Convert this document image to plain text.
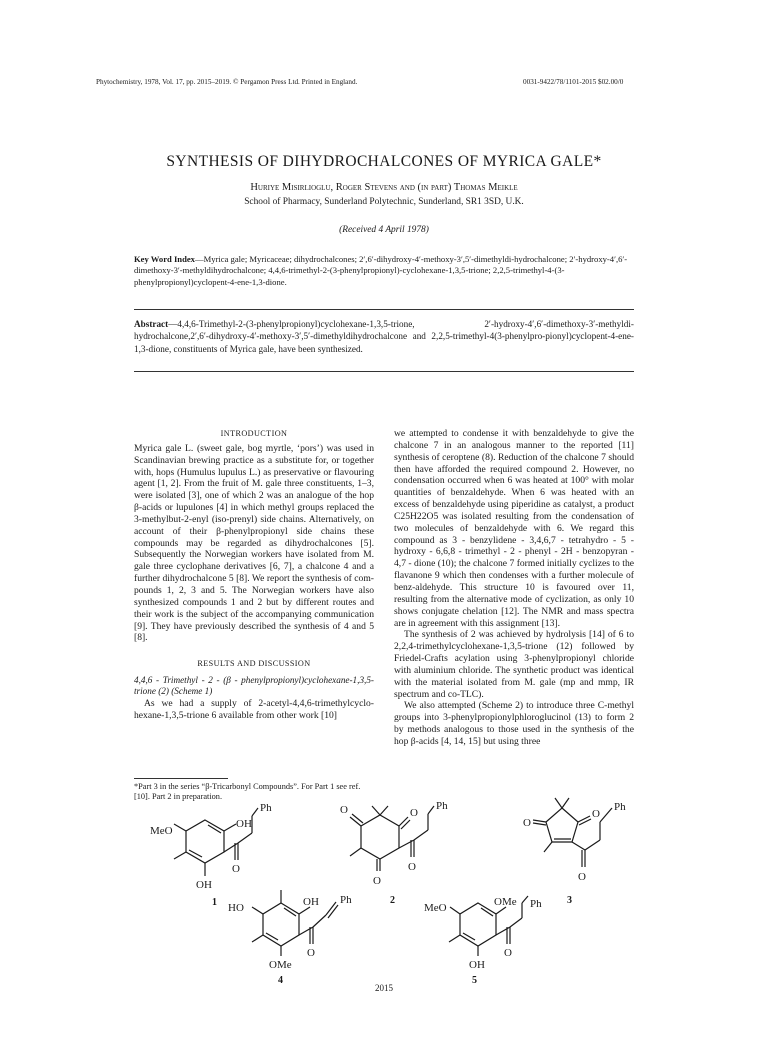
Phytochemistry, 1978, Vol. 17, pp. 2015–2019. © Pergamon Press Ltd. Printed in England.	0031-9422/78/1101-2015 $02.00/0
SYNTHESIS OF DIHYDROCHALCONES OF MYRICA GALE*
Huriye Misirlioglu, Roger Stevens and (in part) Thomas Meikle
School of Pharmacy, Sunderland Polytechnic, Sunderland, SR1 3SD, U.K.
(Received 4 April 1978)
Key Word Index—Myrica gale; Myricaceae; dihydrochalcones; 2′,6′-dihydroxy-4′-methoxy-3′,5′-dimethyldi-hydrochalcone; 2′-hydroxy-4′,6′-dimethoxy-3′-methyldihydrochalcone; 4,4,6-trimethyl-2-(3-phenylpropionyl)-cyclohexane-1,3,5-trione; 2,2,5-trimethyl-4-(3-phenylpropionyl)cyclopent-4-ene-1,3-dione.
Abstract—4,4,6-Trimethyl-2-(3-phenylpropionyl)cyclohexane-1,3,5-trione, 2′-hydroxy-4′,6′-dimethoxy-3′-methyldi-hydrochalcone,2′,6′-dihydroxy-4′-methoxy-3′,5′-dimethyldihydrochalcone and 2,2,5-trimethyl-4(3-phenylpro-pionyl)cyclopent-4-ene-1,3-dione, constituents of Myrica gale, have been synthesized.
INTRODUCTION

Myrica gale L. (sweet gale, bog myrtle, ‘pors’) was used in Scandinavian brewing practice as a substitute for, or together with, hops (Humulus lupulus L.) as preservative or flavouring agent [1, 2]. From the fruit of M. gale three constituents, 1–3, were isolated [3], one of which 2 was an analogue of the hop β-acids or lupulones [4] in which methyl groups replaced the 3-methylbut-2-enyl (iso-prenyl) side chains. Alternatively, on account of their β-phenylpropionyl side chains these compounds may be regarded as dihydrochalcones [5]. Subsequently the Norwegian workers have isolated from M. gale three cyclophane derivatives [6, 7], a chalcone 4 and a further dihydrochalcone 5 [8]. We report the synthesis of com-pounds 1, 2, 3 and 5. The Norwegian workers have also synthesized compounds 1 and 2 but by different routes and their work is the subject of the accompanying communication [9]. They have previously described the synthesis of 4 and 5 [8].

RESULTS AND DISCUSSION
4,4,6 - Trimethyl - 2 - (β - phenylpropionyl)cyclohexane-1,3,5-trione (2) (Scheme 1)

As we had a supply of 2-acetyl-4,4,6-trimethylcyclo-hexane-1,3,5-trione 6 available from other work [10]

*Part 3 in the series “β-Tricarbonyl Compounds”. For Part 1 see ref. [10]. Part 2 in preparation.

we attempted to condense it with benzaldehyde to give the chalcone 7 in an analogous manner to the reported [11] synthesis of ceroptene (8). Reduction of the chalcone 7 should then have afforded the required compound 2. However, no condensation occurred when 6 was heated at 100° with molar quantities of benzaldehyde. When 6 was heated with an excess of benzaldehyde using piperidine as catalyst, a product C25H22O5 was isolated resulting from the condensation of two molecules of benzaldehyde with 6. We regard this compound as 3 - benzylidene - 3,4,6,7 - tetrahydro - 5 - hydroxy - 6,6,8 - trimethyl - 2 - phenyl - 2H - benzopyran - 4,7 - dione (10); the chalcone 7 formed initially cyclizes to the flavanone 9 which then condenses with a further molecule of benz-aldehyde. This structure 10 is favoured over 11, resulting from the alternative mode of cyclization, as only 10 shows conjugate chelation [12]. The NMR and mass spectra are in agreement with this assignment [13].

The synthesis of 2 was achieved by hydrolysis [14] of 6 to 2,2,4-trimethylcyclohexane-1,3,5-trione (12) followed by Friedel-Crafts acylation using 3-phenylpropionyl chloride with aluminium chloride. The synthetic product was identical with the material isolated from M. gale (mp and mmp, IR spectrum and co-TLC).

We also attempted (Scheme 2) to introduce three C-methyl groups into 3-phenylpropionylphloroglucinol (13) to form 2 by methods analogous to those used in the synthesis of the hop β-acids [4, 14, 15] but using three

MeO
OH
Ph
OH
O
1
O	O
Ph
O
O
2
O
O
Ph
O
3
HO	OH Ph
OMe
O
4
MeO	OMe Ph
OH
O
5
2015
